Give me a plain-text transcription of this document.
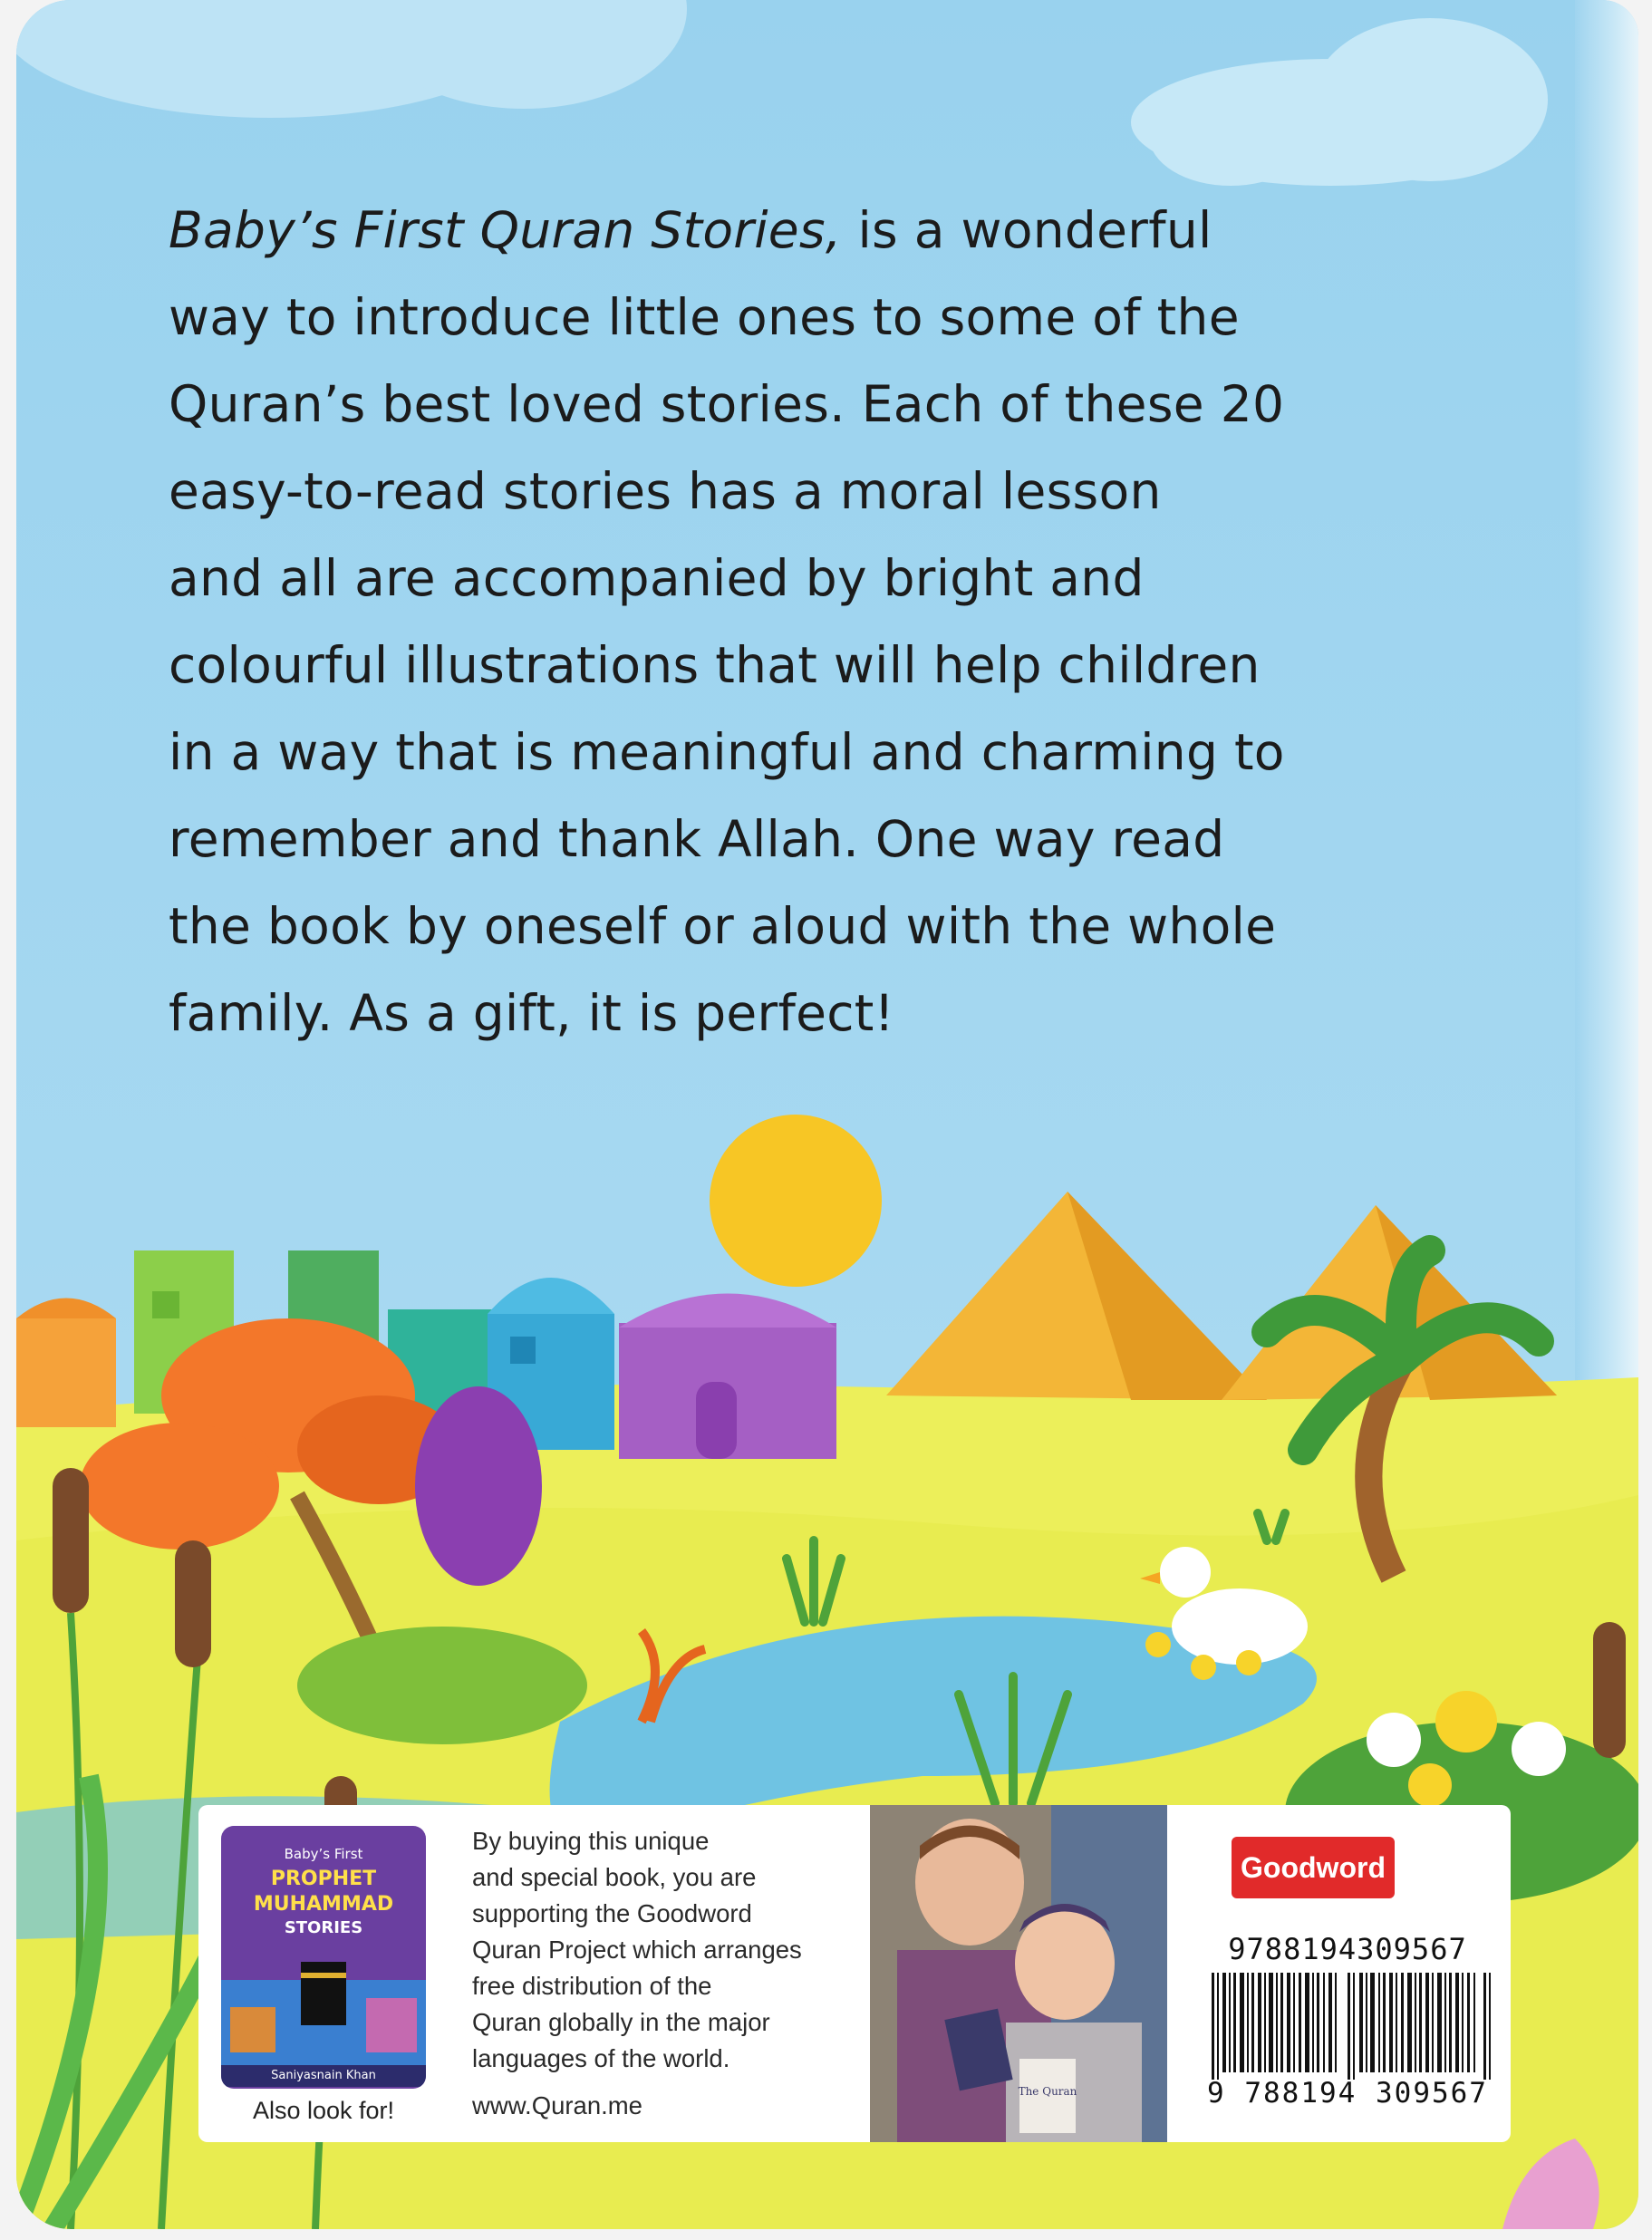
Baby’s First Quran Stories, is a wonderful
way to introduce little ones to some of the
Quran’s best loved stories. Each of these 20
easy-to-read stories has a moral lesson
and all are accompanied by bright and
colourful illustrations that will help children
in a way that is meaningful and charming to
remember and thank Allah. One way read
the book by oneself or aloud with the whole
family. As a gift, it is perfect!

Baby’s First
PROPHET
MUHAMMAD
STORIES
Saniyasnain Khan
Also look for!
By buying this unique
and special book, you are
supporting the Goodword
Quran Project which arranges
free distribution of the
Quran globally in the major
languages of the world.
www.Quran.me	The Quran
Goodword
9788194309567
9 788194 309567
